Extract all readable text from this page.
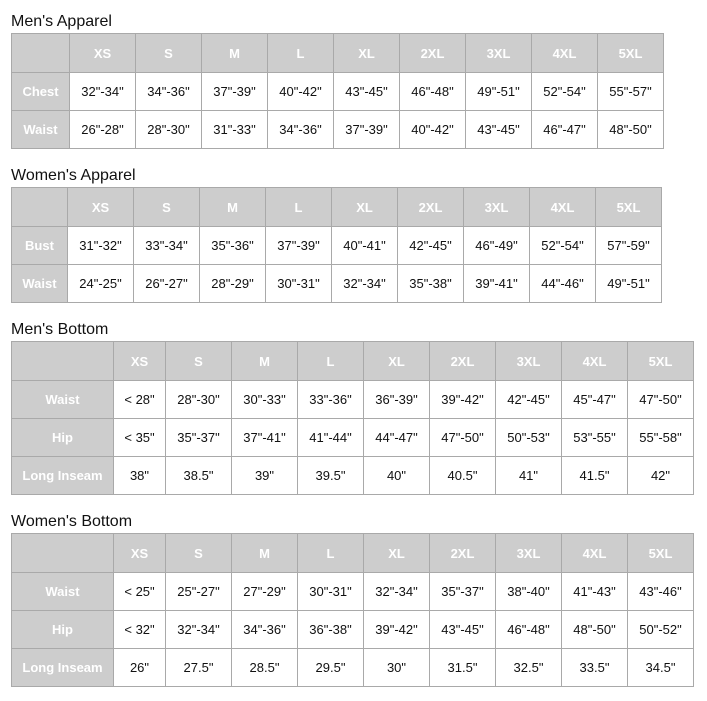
Men's Apparel
	XS	S	M	L	XL	2XL	3XL	4XL	5XL
Chest	32"-34"	34"-36"	37"-39"	40"-42"	43"-45"	46"-48"	49"-51"	52"-54"	55"-57"
Waist	26"-28"	28"-30"	31"-33"	34"-36"	37"-39"	40"-42"	43"-45"	46"-47"	48"-50"
Women's Apparel
	XS	S	M	L	XL	2XL	3XL	4XL	5XL
Bust	31"-32"	33"-34"	35"-36"	37"-39"	40"-41"	42"-45"	46"-49"	52"-54"	57"-59"
Waist	24"-25"	26"-27"	28"-29"	30"-31"	32"-34"	35"-38"	39"-41"	44"-46"	49"-51"
Men's Bottom
	XS	S	M	L	XL	2XL	3XL	4XL	5XL
Waist	< 28"	28"-30"	30"-33"	33"-36"	36"-39"	39"-42"	42"-45"	45"-47"	47"-50"
Hip	< 35"	35"-37"	37"-41"	41"-44"	44"-47"	47"-50"	50"-53"	53"-55"	55"-58"
Long Inseam	38"	38.5"	39"	39.5"	40"	40.5"	41"	41.5"	42"
Women's Bottom
	XS	S	M	L	XL	2XL	3XL	4XL	5XL
Waist	< 25"	25"-27"	27"-29"	30"-31"	32"-34"	35"-37"	38"-40"	41"-43"	43"-46"
Hip	< 32"	32"-34"	34"-36"	36"-38"	39"-42"	43"-45"	46"-48"	48"-50"	50"-52"
Long Inseam	26"	27.5"	28.5"	29.5"	30"	31.5"	32.5"	33.5"	34.5"
